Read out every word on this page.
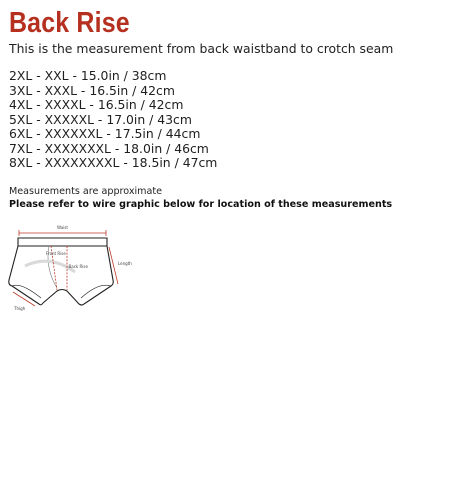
Back Rise
This is the measurement from back waistband to crotch seam
2XL - XXL - 15.0in / 38cm
3XL - XXXL - 16.5in / 42cm
4XL - XXXXL - 16.5in / 42cm
5XL - XXXXXL - 17.0in / 43cm
6XL - XXXXXXL - 17.5in / 44cm
7XL - XXXXXXXL - 18.0in / 46cm
8XL - XXXXXXXXL - 18.5in / 47cm
Measurements are approximate
Please refer to wire graphic below for location of these measurements
Waist
Front Rise
Back Rise
Length
Thigh
